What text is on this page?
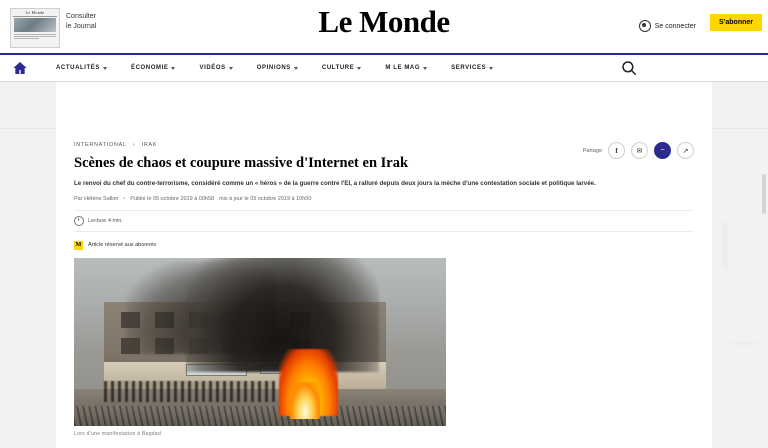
Le Monde
Consulter
le Journal	Le Monde	Se connecter	S'abonner
ACTUALITÉS	ÉCONOMIE	VIDÉOS	OPINIONS	CULTURE	M LE MAG	SERVICES
INTERNATIONAL › IRAK
Scènes de chaos et coupure massive d'Internet en Irak

Le renvoi du chef du contre-terrorisme, considéré comme un « héros » de la guerre contre l'EI, a ralluré depuis deux jours la mèche d'une contestation sociale et politique larvée.

Par Hélène Sallon • Publié le 05 octobre 2019 à 00h58 mis à jour le 05 octobre 2019 à 10h00
Lecture 4 min.
M	Article réservé aux abonnés
Partage	f	✉	~	↗
Lors d'une manifestation à Bagdad
